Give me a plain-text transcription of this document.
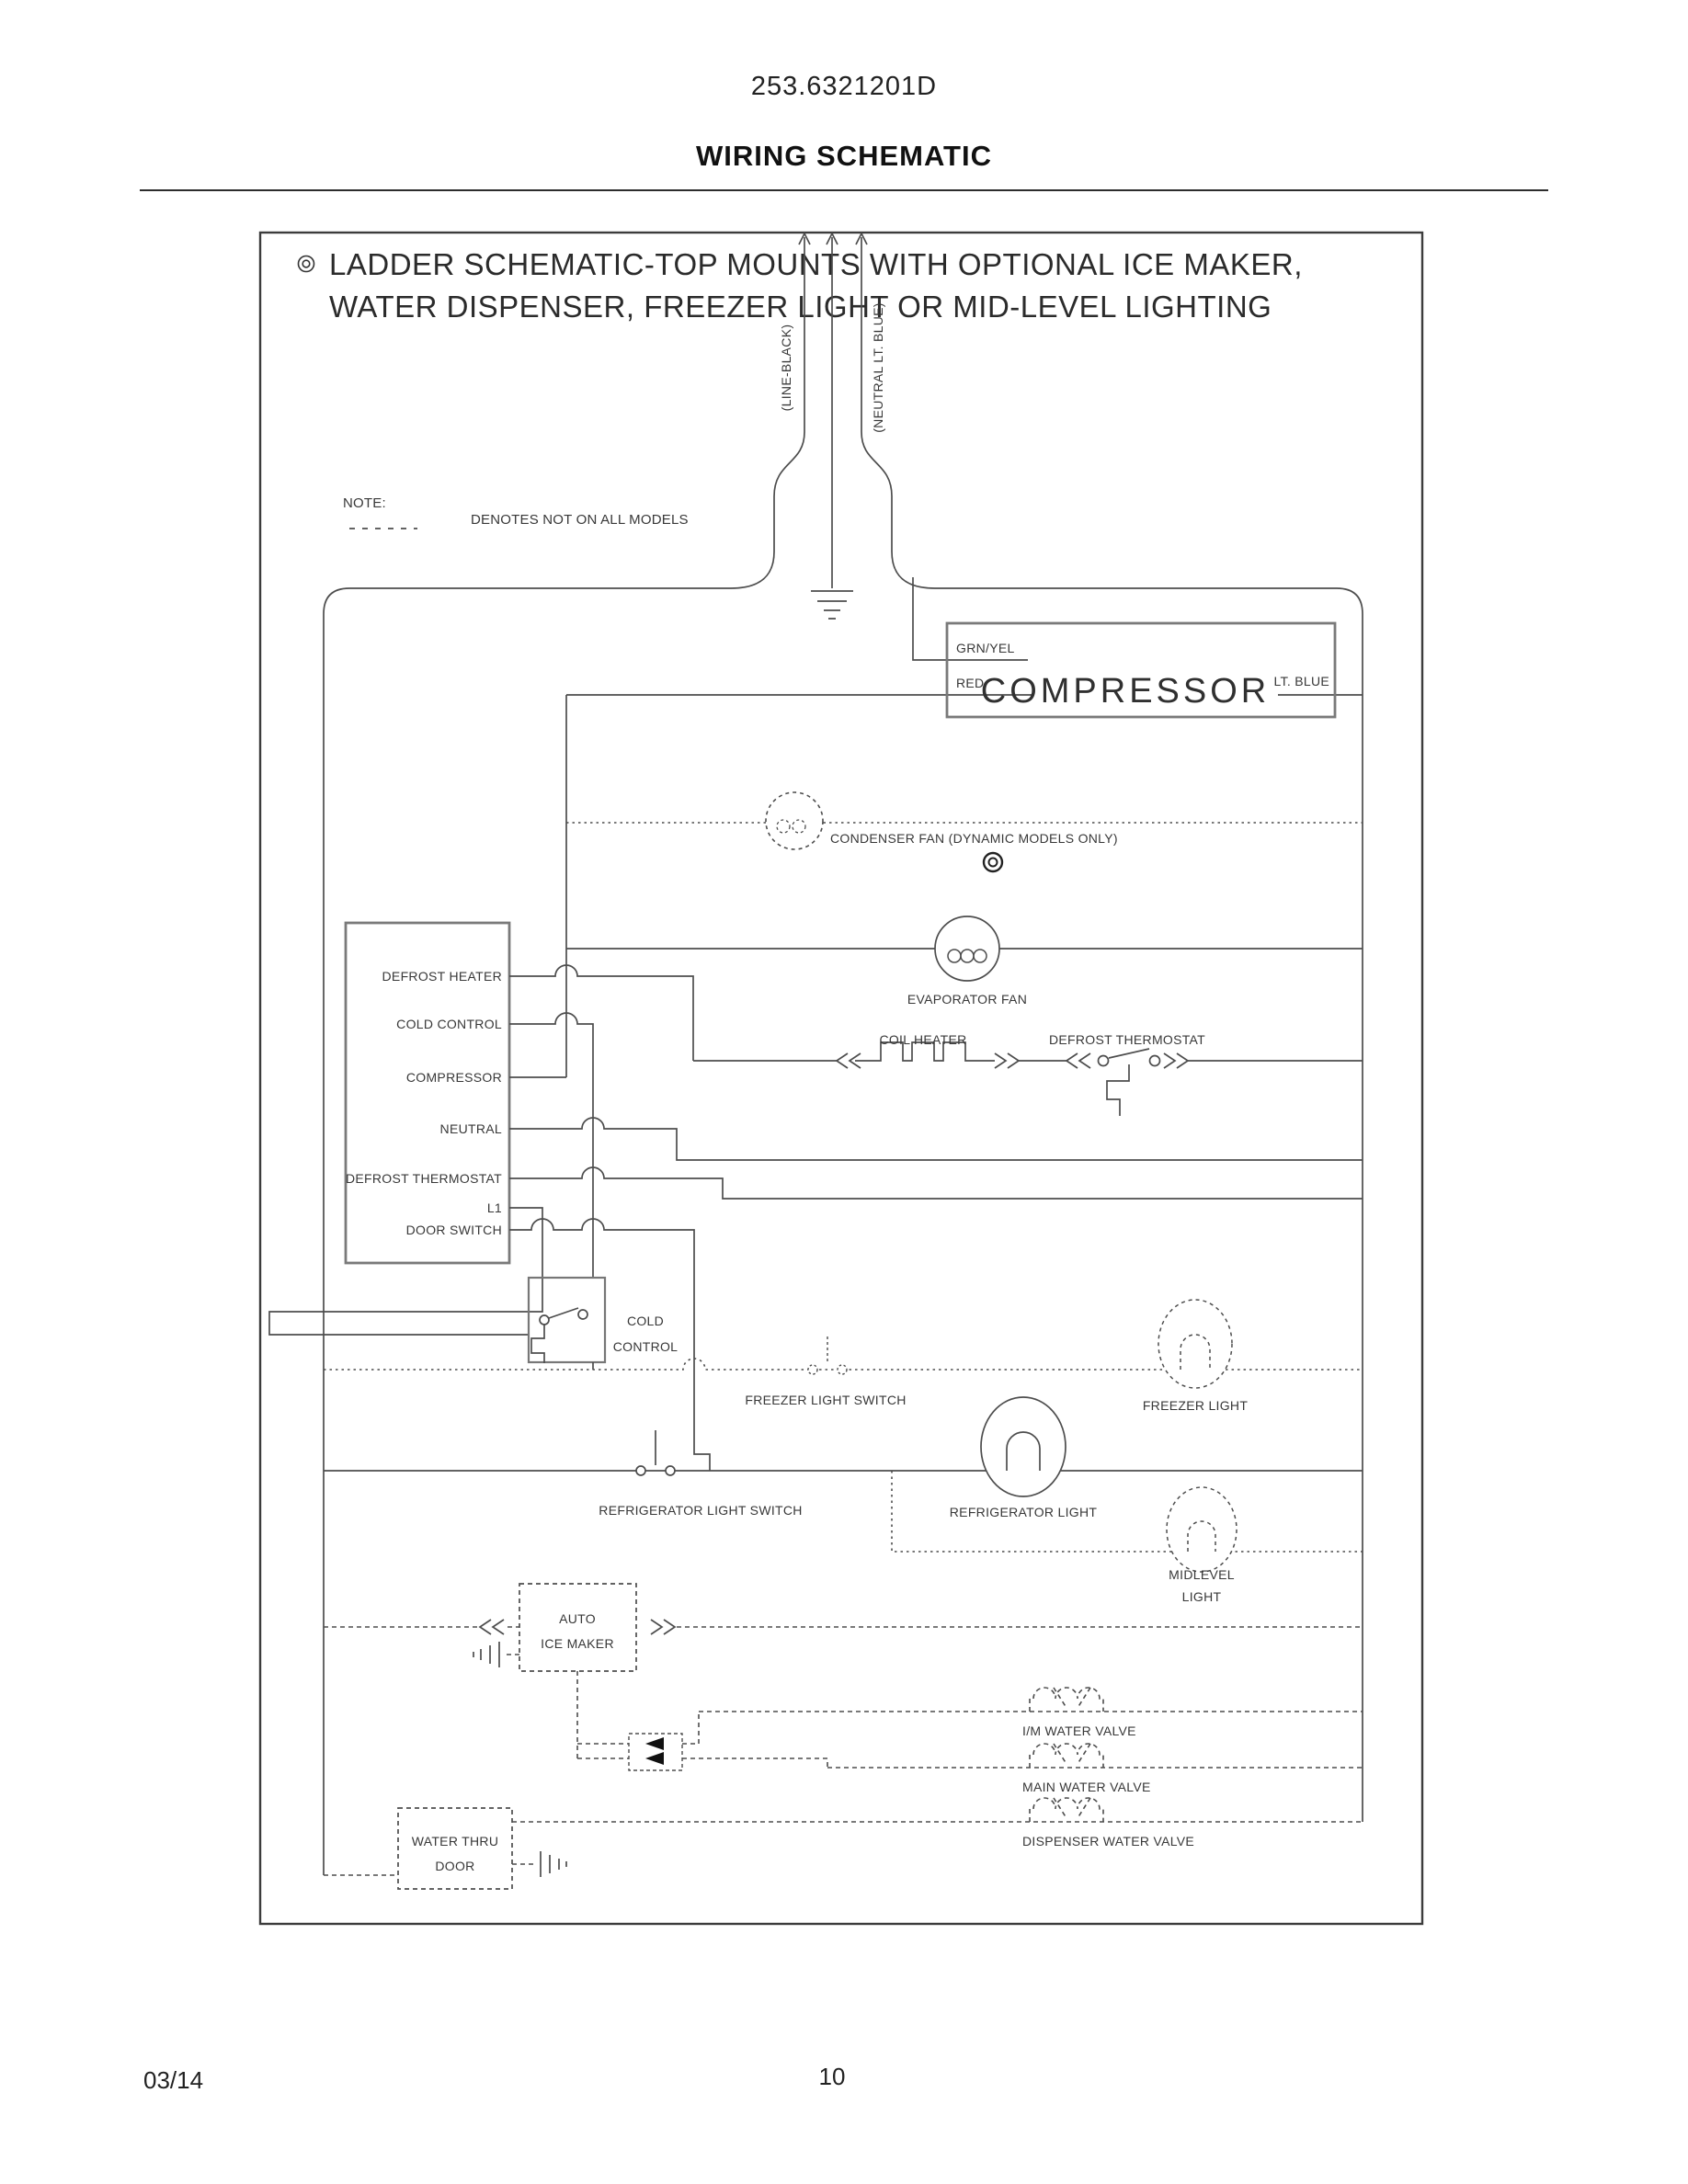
253.6321201D
WIRING SCHEMATIC
LADDER SCHEMATIC-TOP MOUNTS WITH OPTIONAL ICE MAKER,
WATER DISPENSER, FREEZER LIGHT OR MID-LEVEL LIGHTING
NOTE:
DENOTES NOT ON ALL MODELS
(LINE-BLACK)	(NEUTRAL LT. BLUE)
GRN/YEL
RED	LT. BLUE
COMPRESSOR
CONDENSER FAN (DYNAMIC MODELS ONLY)
EVAPORATOR FAN
DEFROST HEATER
COLD CONTROL
COMPRESSOR
NEUTRAL
DEFROST THERMOSTAT
L1
DOOR SWITCH
COIL HEATER	DEFROST THERMOSTAT
COLD
CONTROL
FREEZER LIGHT SWITCH	FREEZER LIGHT
REFRIGERATOR LIGHT SWITCH	REFRIGERATOR LIGHT
MIDLEVEL
LIGHT
AUTO
ICE MAKER
I/M WATER VALVE
MAIN WATER VALVE
DISPENSER WATER VALVE
WATER THRU
DOOR
03/14	10
